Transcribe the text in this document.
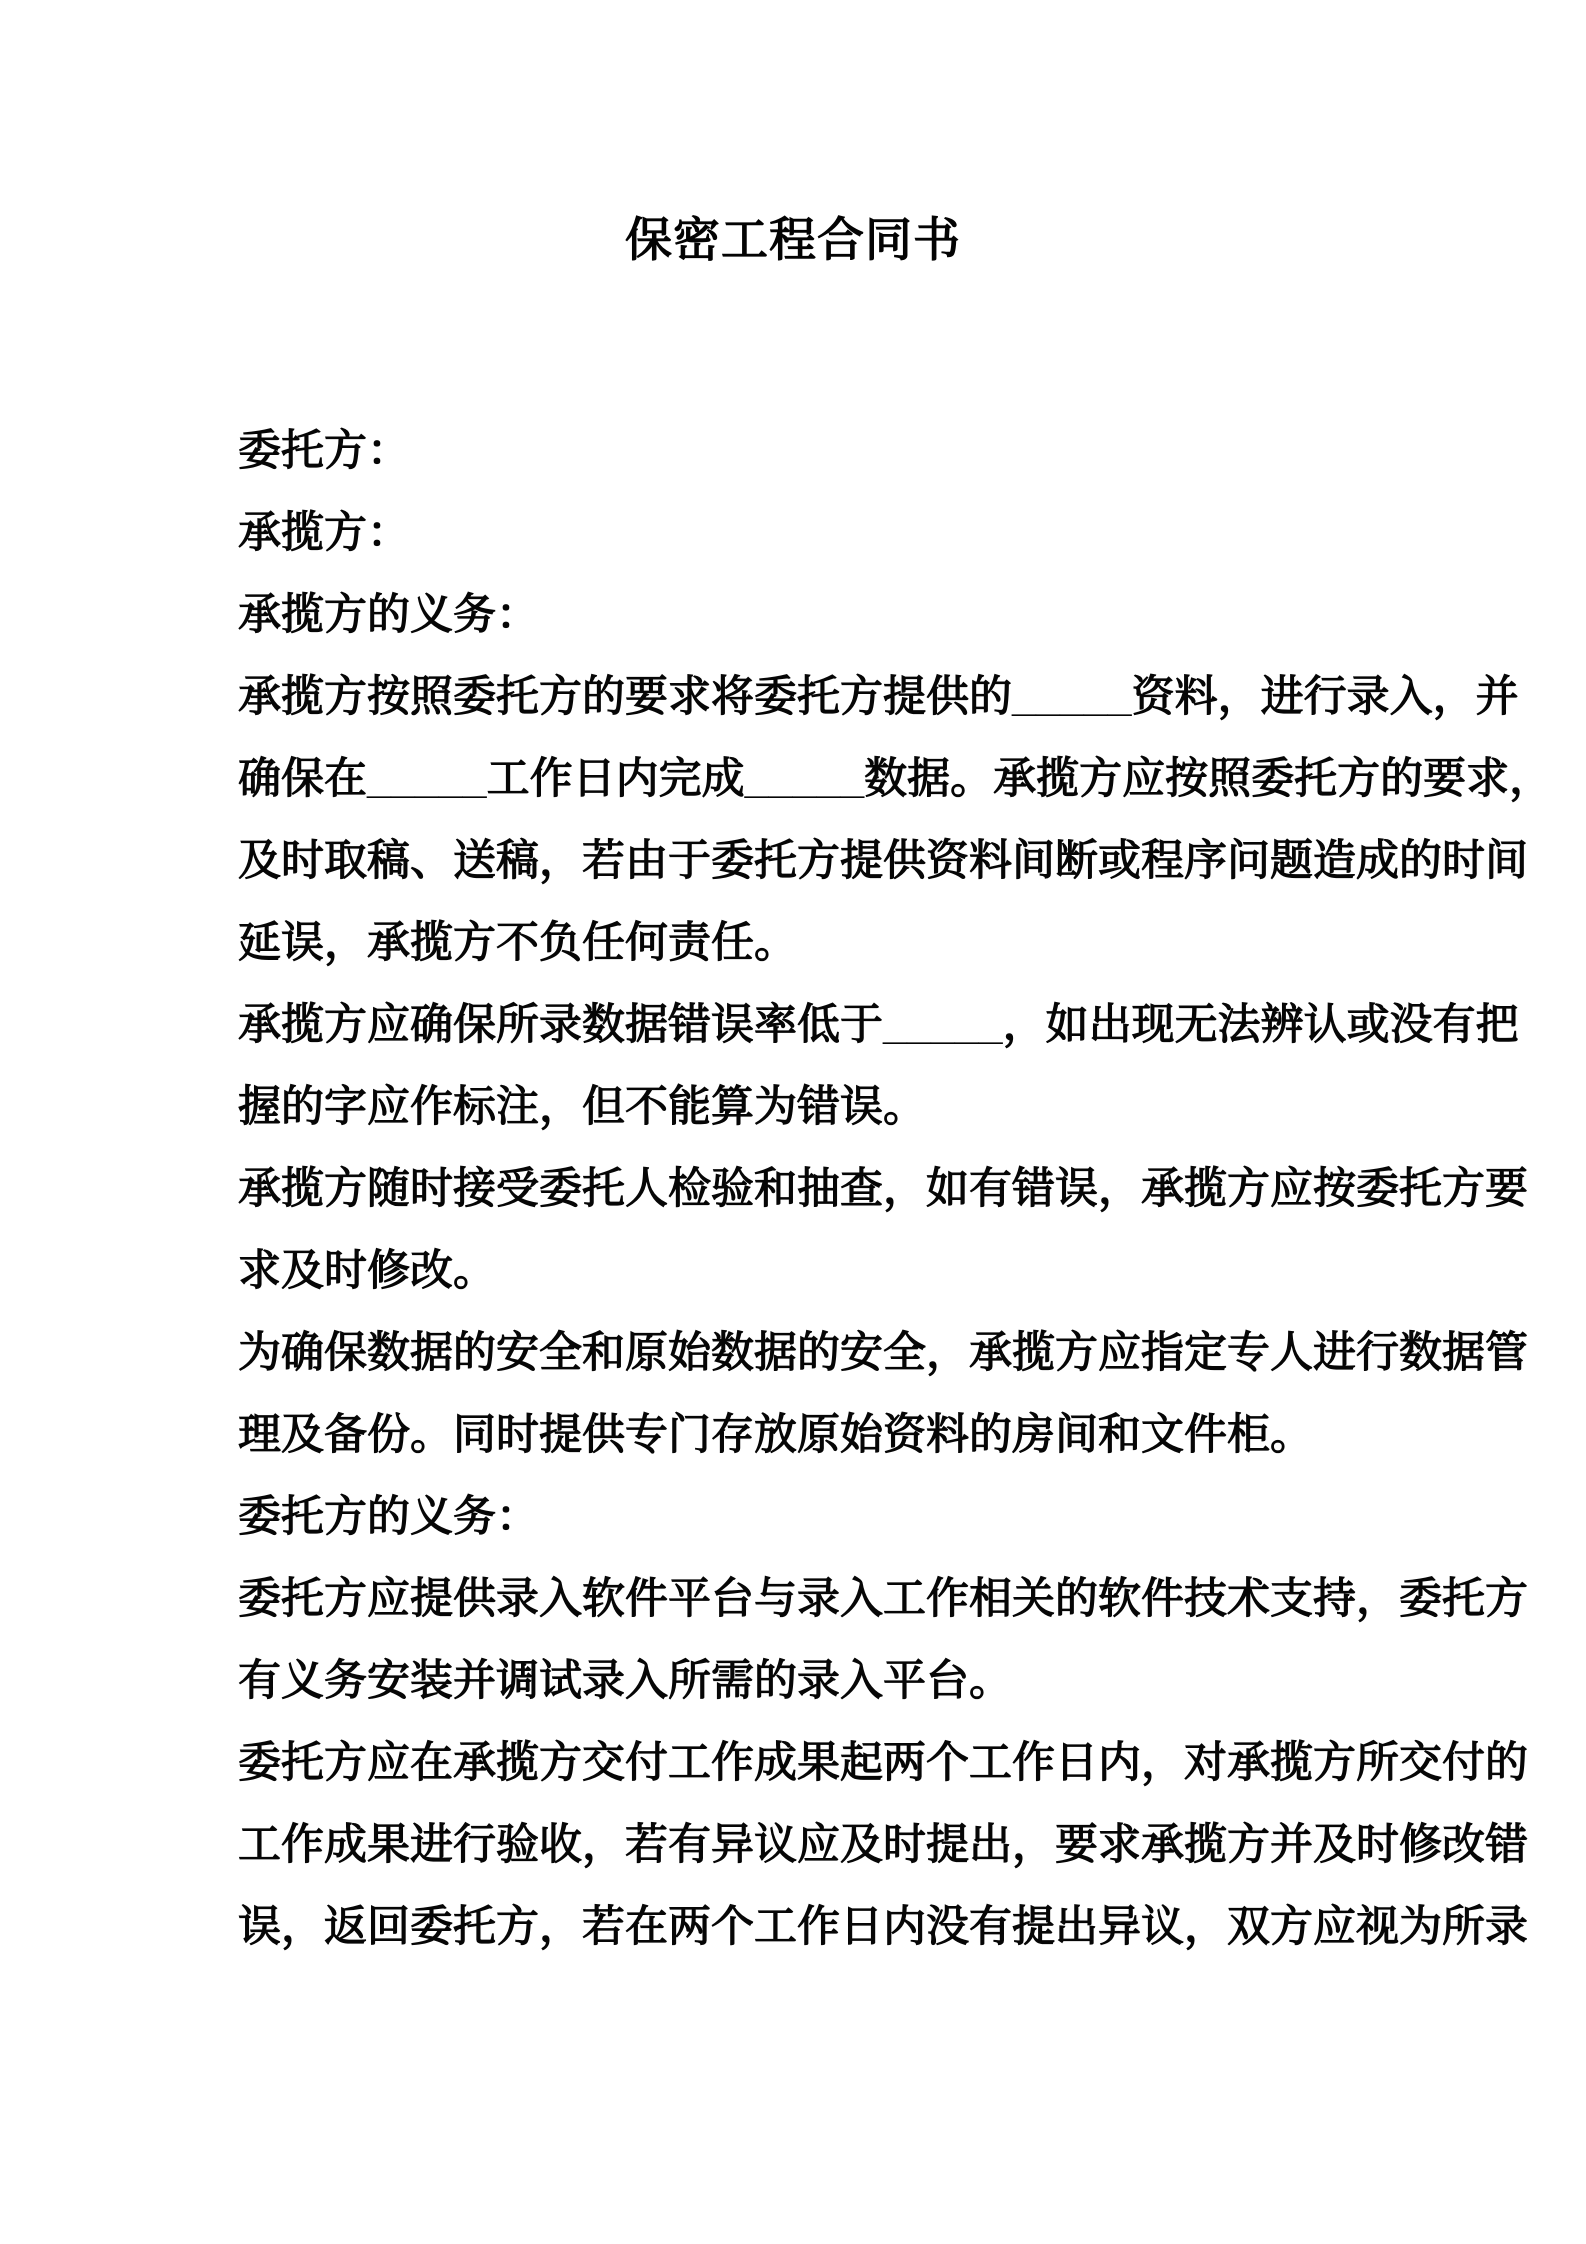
保密工程合同书
委托方：
承揽方：
承揽方的义务：
承揽方按照委托方的要求将委托方提供的_____资料，进行录入，并
确保在_____工作日内完成_____数据。承揽方应按照委托方的要求，
及时取稿、送稿，若由于委托方提供资料间断或程序问题造成的时间
延误，承揽方不负任何责任。
承揽方应确保所录数据错误率低于_____，如出现无法辨认或没有把
握的字应作标注，但不能算为错误。
承揽方随时接受委托人检验和抽查，如有错误，承揽方应按委托方要
求及时修改。
为确保数据的安全和原始数据的安全，承揽方应指定专人进行数据管
理及备份。同时提供专门存放原始资料的房间和文件柜。
委托方的义务：
委托方应提供录入软件平台与录入工作相关的软件技术支持，委托方
有义务安装并调试录入所需的录入平台。
委托方应在承揽方交付工作成果起两个工作日内，对承揽方所交付的
工作成果进行验收，若有异议应及时提出，要求承揽方并及时修改错
误，返回委托方，若在两个工作日内没有提出异议，双方应视为所录
